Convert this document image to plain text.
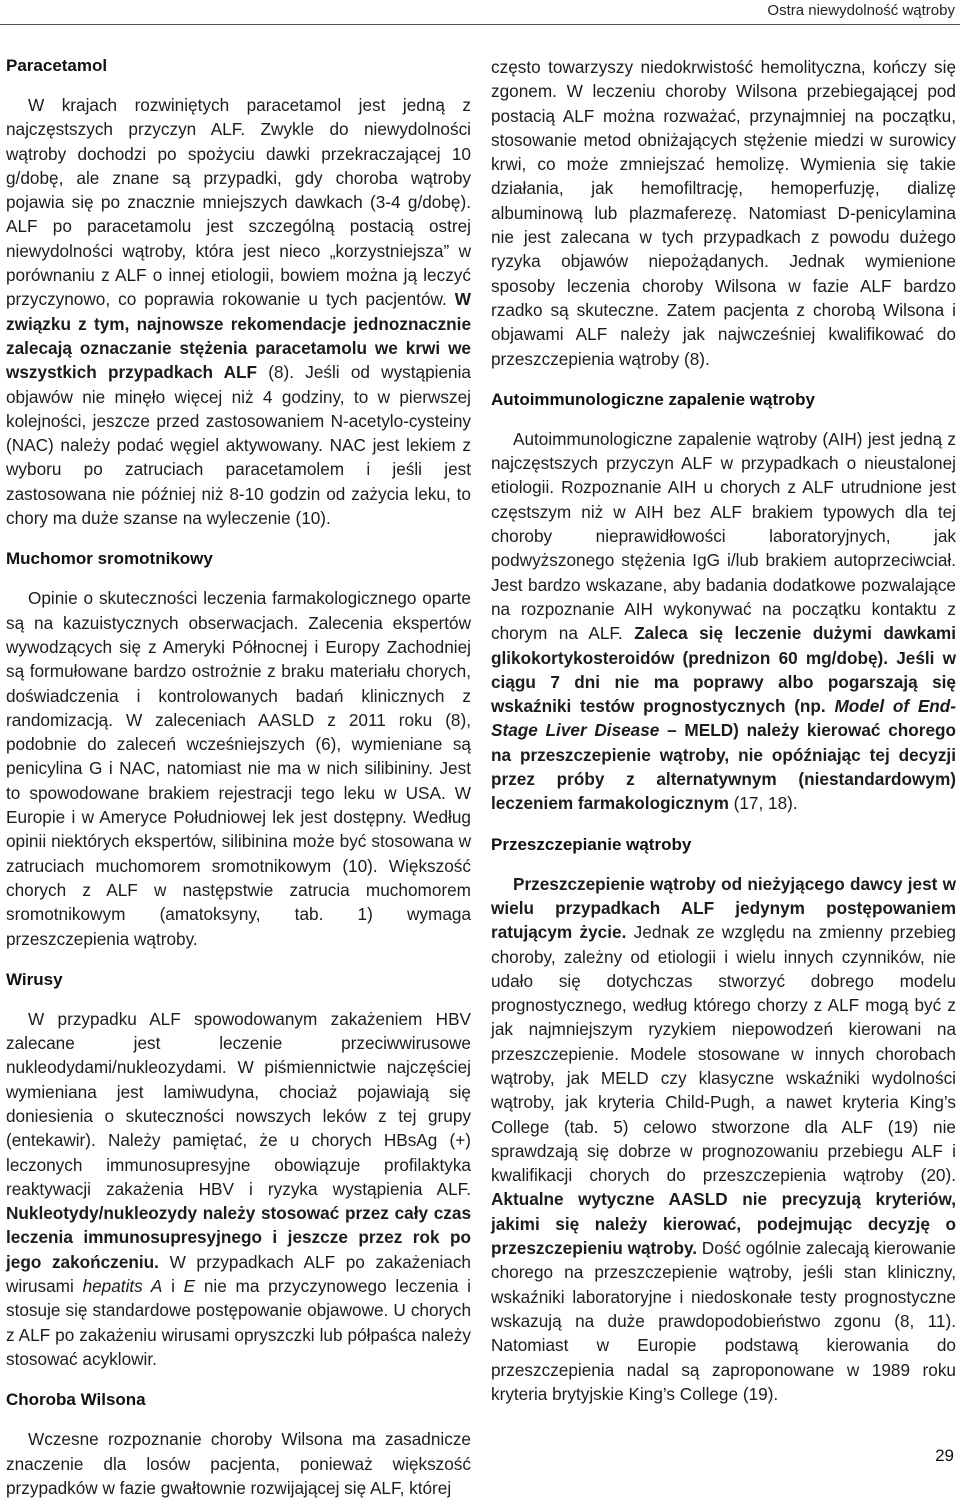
Ostra niewydolność wątroby
Paracetamol

W krajach rozwiniętych paracetamol jest jedną z najczęstszych przyczyn ALF. Zwykle do niewydolności wątroby dochodzi po spożyciu dawki przekraczającej 10 g/dobę, ale znane są przypadki, gdy choroba wątroby pojawia się po znacznie mniejszych dawkach (3-4 g/dobę). ALF po paracetamolu jest szczególną postacią ostrej niewydolności wątroby, która jest nieco „korzystniejsza” w porównaniu z ALF o innej etiologii, bowiem można ją leczyć przyczynowo, co poprawia rokowanie u tych pacjentów. W związku z tym, najnowsze rekomendacje jednoznacznie zalecają oznaczanie stężenia paracetamolu we krwi we wszystkich przypadkach ALF (8). Jeśli od wystąpienia objawów nie minęło więcej niż 4 godziny, to w pierwszej kolejności, jeszcze przed zastosowaniem N-acetylo-cysteiny (NAC) należy podać węgiel aktywowany. NAC jest lekiem z wyboru po zatruciach paracetamolem i jeśli jest zastosowana nie później niż 8-10 godzin od zażycia leku, to chory ma duże szanse na wyleczenie (10).

Muchomor sromotnikowy

Opinie o skuteczności leczenia farmakologicznego oparte są na kazuistycznych obserwacjach. Zalecenia ekspertów wywodzących się z Ameryki Północnej i Europy Zachodniej są formułowane bardzo ostrożnie z braku materiału chorych, doświadczenia i kontrolowanych badań klinicznych z randomizacją. W zaleceniach AASLD z 2011 roku (8), podobnie do zaleceń wcześniejszych (6), wymieniane są penicylina G i NAC, natomiast nie ma w nich silibininy. Jest to spowodowane brakiem rejestracji tego leku w USA. W Europie i w Ameryce Południowej lek jest dostępny. Według opinii niektórych ekspertów, silibinina może być stosowana w zatruciach muchomorem sromotnikowym (10). Większość chorych z ALF w następstwie zatrucia muchomorem sromotnikowym (amatoksyny, tab. 1) wymaga przeszczepienia wątroby.

Wirusy

W przypadku ALF spowodowanym zakażeniem HBV zalecane jest leczenie przeciwwirusowe nukleodydami/nukleozydami. W piśmiennictwie najczęściej wymieniana jest lamiwudyna, chociaż pojawiają się doniesienia o skuteczności nowszych leków z tej grupy (entekawir). Należy pamiętać, że u chorych HBsAg (+) leczonych immunosupresyjne obowiązuje profilaktyka reaktywacji zakażenia HBV i ryzyka wystąpienia ALF. Nukleotydy/nukleozydy należy stosować przez cały czas leczenia immunosupresyjnego i jeszcze przez rok po jego zakończeniu. W przypadkach ALF po zakażeniach wirusami hepatits A i E nie ma przyczynowego leczenia i stosuje się standardowe postępowanie objawowe. U chorych z ALF po zakażeniu wirusami opryszczki lub półpaśca należy stosować acyklowir.

Choroba Wilsona

Wczesne rozpoznanie choroby Wilsona ma zasadnicze znaczenie dla losów pacjenta, ponieważ większość przypadków w fazie gwałtownie rozwijającej się ALF, której

często towarzyszy niedokrwistość hemolityczna, kończy się zgonem. W leczeniu choroby Wilsona przebiegającej pod postacią ALF można rozważać, przynajmniej na początku, stosowanie metod obniżających stężenie miedzi w surowicy krwi, co może zmniejszać hemolizę. Wymienia się takie działania, jak hemofiltrację, hemoperfuzję, dializę albuminową lub plazmaferezę. Natomiast D-penicylamina nie jest zalecana w tych przypadkach z powodu dużego ryzyka objawów niepożądanych. Jednak wymienione sposoby leczenia choroby Wilsona w fazie ALF bardzo rzadko są skuteczne. Zatem pacjenta z chorobą Wilsona i objawami ALF należy jak najwcześniej kwalifikować do przeszczepienia wątroby (8).

Autoimmunologiczne zapalenie wątroby

Autoimmunologiczne zapalenie wątroby (AIH) jest jedną z najczęstszych przyczyn ALF w przypadkach o nieustalonej etiologii. Rozpoznanie AIH u chorych z ALF utrudnione jest częstszym niż w AIH bez ALF brakiem typowych dla tej choroby nieprawidłowości laboratoryjnych, jak podwyższonego stężenia IgG i/lub brakiem autoprzeciwciał. Jest bardzo wskazane, aby badania dodatkowe pozwalające na rozpoznanie AIH wykonywać na początku kontaktu z chorym na ALF. Zaleca się leczenie dużymi dawkami glikokortykosteroidów (prednizon 60 mg/dobę). Jeśli w ciągu 7 dni nie ma poprawy albo pogarszają się wskaźniki testów prognostycznych (np. Model of End-Stage Liver Disease – MELD) należy kierować chorego na przeszczepienie wątroby, nie opóźniając tej decyzji przez próby z alternatywnym (niestandardowym) leczeniem farmakologicznym (17, 18).

Przeszczepianie wątroby

Przeszczepienie wątroby od nieżyjącego dawcy jest w wielu przypadkach ALF jedynym postępowaniem ratującym życie. Jednak ze względu na zmienny przebieg choroby, zależny od etiologii i wielu innych czynników, nie udało się dotychczas stworzyć dobrego modelu prognostycznego, według którego chorzy z ALF mogą być z jak najmniejszym ryzykiem niepowodzeń kierowani na przeszczepienie. Modele stosowane w innych chorobach wątroby, jak MELD czy klasyczne wskaźniki wydolności wątroby, jak kryteria Child-Pugh, a nawet kryteria King’s College (tab. 5) celowo stworzone dla ALF (19) nie sprawdzają się dobrze w prognozowaniu przebiegu ALF i kwalifikacji chorych do przeszczepienia wątroby (20). Aktualne wytyczne AASLD nie precyzują kryteriów, jakimi się należy kierować, podejmując decyzję o przeszczepieniu wątroby. Dość ogólnie zalecają kierowanie chorego na przeszczepienie wątroby, jeśli stan kliniczny, wskaźniki laboratoryjne i niedoskonałe testy prognostyczne wskazują na duże prawdopodobieństwo zgonu (8, 11). Natomiast w Europie podstawą kierowania do przeszczepienia nadal są zaproponowane w 1989 roku kryteria brytyjskie King’s College (19).

29
